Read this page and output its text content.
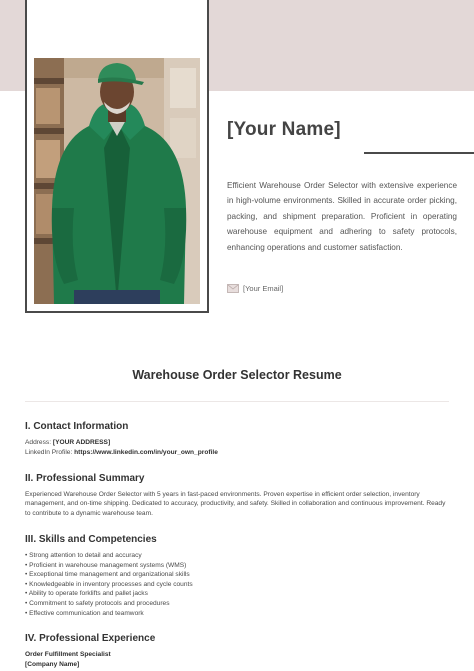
[Your Name]

Efficient Warehouse Order Selector with extensive experience in high-volume environments. Skilled in accurate order picking, packing, and shipment preparation. Proficient in operating warehouse equipment and adhering to safety protocols, enhancing operations and customer satisfaction.

[Your Email]
Warehouse Order Selector Resume
I. Contact Information
Address: [YOUR ADDRESS]
LinkedIn Profile: https://www.linkedin.com/in/your_own_profile
II. Professional Summary

Experienced Warehouse Order Selector with 5 years in fast-paced environments. Proven expertise in efficient order selection, inventory management, and on-time shipping. Dedicated to accuracy, productivity, and safety. Skilled in collaboration and continuous improvement. Ready to contribute to a dynamic warehouse team.

III. Skills and Competencies
• Strong attention to detail and accuracy
• Proficient in warehouse management systems (WMS)
• Exceptional time management and organizational skills
• Knowledgeable in inventory processes and cycle counts
• Ability to operate forklifts and pallet jacks
• Commitment to safety protocols and procedures
• Effective communication and teamwork
IV. Professional Experience
Order Fulfillment Specialist
[Company Name]
